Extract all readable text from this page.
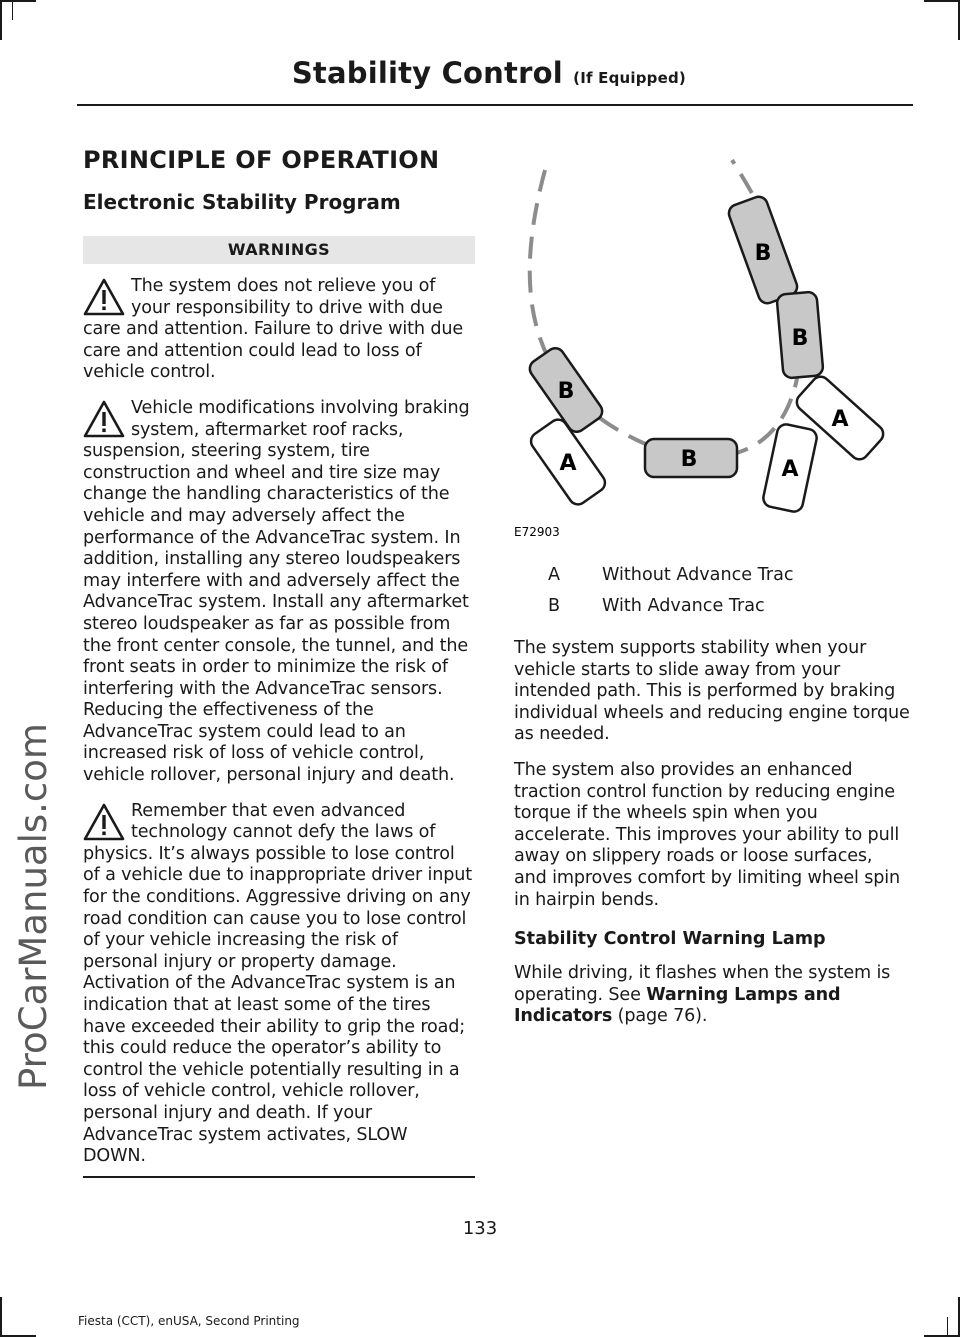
Stability Control (If Equipped)
ProCarManuals.com
PRINCIPLE OF OPERATION
Electronic Stability Program
WARNINGS
The system does not relieve you of your responsibility to drive with due care and attention. Failure to drive with due care and attention could lead to loss of vehicle control.
Vehicle modifications involving braking system, aftermarket roof racks, suspension, steering system, tire construction and wheel and tire size may change the handling characteristics of the vehicle and may adversely affect the performance of the AdvanceTrac system. In addition, installing any stereo loudspeakers may interfere with and adversely affect the AdvanceTrac system. Install any aftermarket stereo loudspeaker as far as possible from the front center console, the tunnel, and the front seats in order to minimize the risk of interfering with the AdvanceTrac sensors. Reducing the effectiveness of the AdvanceTrac system could lead to an increased risk of loss of vehicle control, vehicle rollover, personal injury and death.
Remember that even advanced technology cannot defy the laws of physics. It’s always possible to lose control of a vehicle due to inappropriate driver input for the conditions. Aggressive driving on any road condition can cause you to lose control of your vehicle increasing the risk of personal injury or property damage. Activation of the AdvanceTrac system is an indication that at least some of the tires have exceeded their ability to grip the road; this could reduce the operator’s ability to control the vehicle potentially resulting in a loss of vehicle control, vehicle rollover, personal injury and death. If your AdvanceTrac system activates, SLOW DOWN.
B
B
B
B
A
A
A
E72903
A Without Advance Trac
B With Advance Trac

The system supports stability when your vehicle starts to slide away from your intended path. This is performed by braking individual wheels and reducing engine torque as needed.

The system also provides an enhanced traction control function by reducing engine torque if the wheels spin when you accelerate. This improves your ability to pull away on slippery roads or loose surfaces, and improves comfort by limiting wheel spin in hairpin bends.

Stability Control Warning Lamp

While driving, it flashes when the system is operating. See Warning Lamps and Indicators (page 76).

133
Fiesta (CCT), enUSA, Second Printing
